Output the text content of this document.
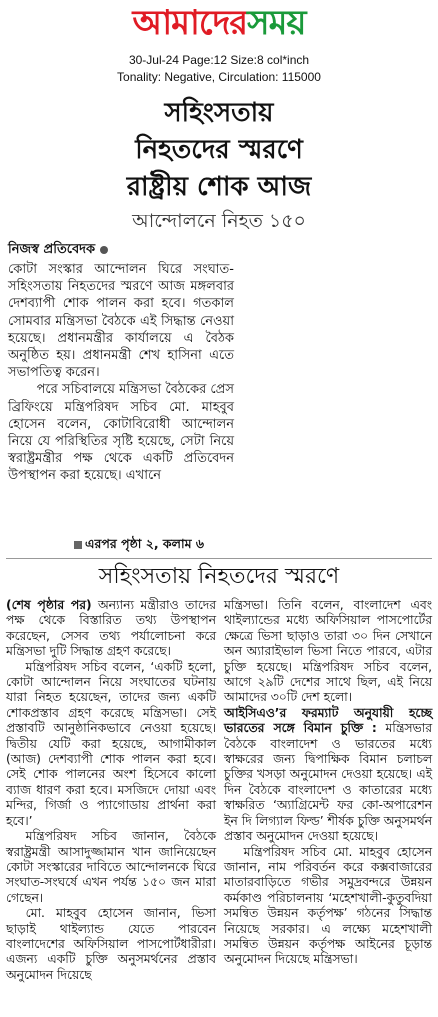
আমাদেরসময়
30-Jul-24 Page:12 Size:8 col*inch
Tonality: Negative, Circulation: 115000
সহিংসতায়
নিহতদের স্মরণে
রাষ্ট্রীয় শোক আজ
আন্দোলনে নিহত ১৫০
নিজস্ব প্রতিবেদক
কোটা সংস্কার আন্দোলন ঘিরে সংঘাত-সহিংসতায় নিহতদের স্মরণে আজ মঙ্গলবার দেশব্যাপী শোক পালন করা হবে। গতকাল সোমবার মন্ত্রিসভা বৈঠকে এই সিদ্ধান্ত নেওয়া হয়েছে। প্রধানমন্ত্রীর কার্যালয়ে এ বৈঠক অনুষ্ঠিত হয়। প্রধানমন্ত্রী শেখ হাসিনা এতে সভাপতিত্ব করেন।
পরে সচিবালয়ে মন্ত্রিসভা বৈঠকের প্রেস ব্রিফিংয়ে মন্ত্রিপরিষদ সচিব মো. মাহবুব হোসেন বলেন, কোটাবিরোধী আন্দোলন নিয়ে যে পরিস্থিতির সৃষ্টি হয়েছে, সেটা নিয়ে স্বরাষ্ট্রমন্ত্রীর পক্ষ থেকে একটি প্রতিবেদন উপস্থাপন করা হয়েছে। এখানে
এরপর পৃষ্ঠা ২, কলাম ৬
সহিংসতায় নিহতদের স্মরণে
(শেষ পৃষ্ঠার পর) অন্যান্য মন্ত্রীরাও তাদের পক্ষ থেকে বিস্তারিত তথ্য উপস্থাপন করেছেন, সেসব তথ্য পর্যালোচনা করে মন্ত্রিসভা দুটি সিদ্ধান্ত গ্রহণ করেছে।
মন্ত্রিপরিষদ সচিব বলেন, ‘একটি হলো, কোটা আন্দোলন নিয়ে সংঘাতের ঘটনায় যারা নিহত হয়েছেন, তাদের জন্য একটি শোকপ্রস্তাব গ্রহণ করেছে মন্ত্রিসভা। সেই প্রস্তাবটি আনুষ্ঠানিকভাবে নেওয়া হয়েছে। দ্বিতীয় যেটি করা হয়েছে, আগামীকাল (আজ) দেশব্যাপী শোক পালন করা হবে। সেই শোক পালনের অংশ হিসেবে কালো ব্যাজ ধারণ করা হবে। মসজিদে দোয়া এবং মন্দির, গির্জা ও প্যাগোডায় প্রার্থনা করা হবে।’
মন্ত্রিপরিষদ সচিব জানান, বৈঠকে স্বরাষ্ট্রমন্ত্রী আসাদুজ্জামান খান জানিয়েছেন কোটা সংস্কারের দাবিতে আন্দোলনকে ঘিরে সংঘাত-সংঘর্ষে এখন পর্যন্ত ১৫০ জন মারা গেছেন।
মো. মাহবুব হোসেন জানান, ভিসা ছাড়াই থাইল্যান্ড যেতে পারবেন বাংলাদেশের অফিসিয়াল পাসপোর্টধারীরা। এজন্য একটি চুক্তি অনুসমর্থনের প্রস্তাব অনুমোদন দিয়েছে
মন্ত্রিসভা। তিনি বলেন, বাংলাদেশ এবং থাইল্যান্ডের মধ্যে অফিসিয়াল পাসপোর্টের ক্ষেত্রে ভিসা ছাড়াও তারা ৩০ দিন সেখানে অন অ্যারাইভাল ভিসা নিতে পারবে, এটার চুক্তি হয়েছে। মন্ত্রিপরিষদ সচিব বলেন, আগে ২৯টি দেশের সাথে ছিল, এই নিয়ে আমাদের ৩০টি দেশ হলো।
আইসিএও’র ফরম্যাট অনুযায়ী হচ্ছে ভারতের সঙ্গে বিমান চুক্তি : মন্ত্রিসভার বৈঠকে বাংলাদেশ ও ভারতের মধ্যে স্বাক্ষরের জন্য দ্বিপাক্ষিক বিমান চলাচল চুক্তির খসড়া অনুমোদন দেওয়া হয়েছে। এই দিন বৈঠকে বাংলাদেশ ও কাতারের মধ্যে স্বাক্ষরিত ‘অ্যাগ্রিমেন্ট ফর কো-অপারেশন ইন দি লিগ্যাল ফিল্ড’ শীর্ষক চুক্তি অনুসমর্থন প্রস্তাব অনুমোদন দেওয়া হয়েছে।
মন্ত্রিপরিষদ সচিব মো. মাহবুব হোসেন জানান, নাম পরিবর্তন করে কক্সবাজারের মাতারবাড়িতে গভীর সমুদ্রবন্দরে উন্নয়ন কর্মকাণ্ড পরিচালনায় ‘মহেশখালী-কুতুবদিয়া সমন্বিত উন্নয়ন কর্তৃপক্ষ’ গঠনের সিদ্ধান্ত নিয়েছে সরকার। এ লক্ষ্যে মহেশখালী সমন্বিত উন্নয়ন কর্তৃপক্ষ আইনের চূড়ান্ত অনুমোদন দিয়েছে মন্ত্রিসভা।
